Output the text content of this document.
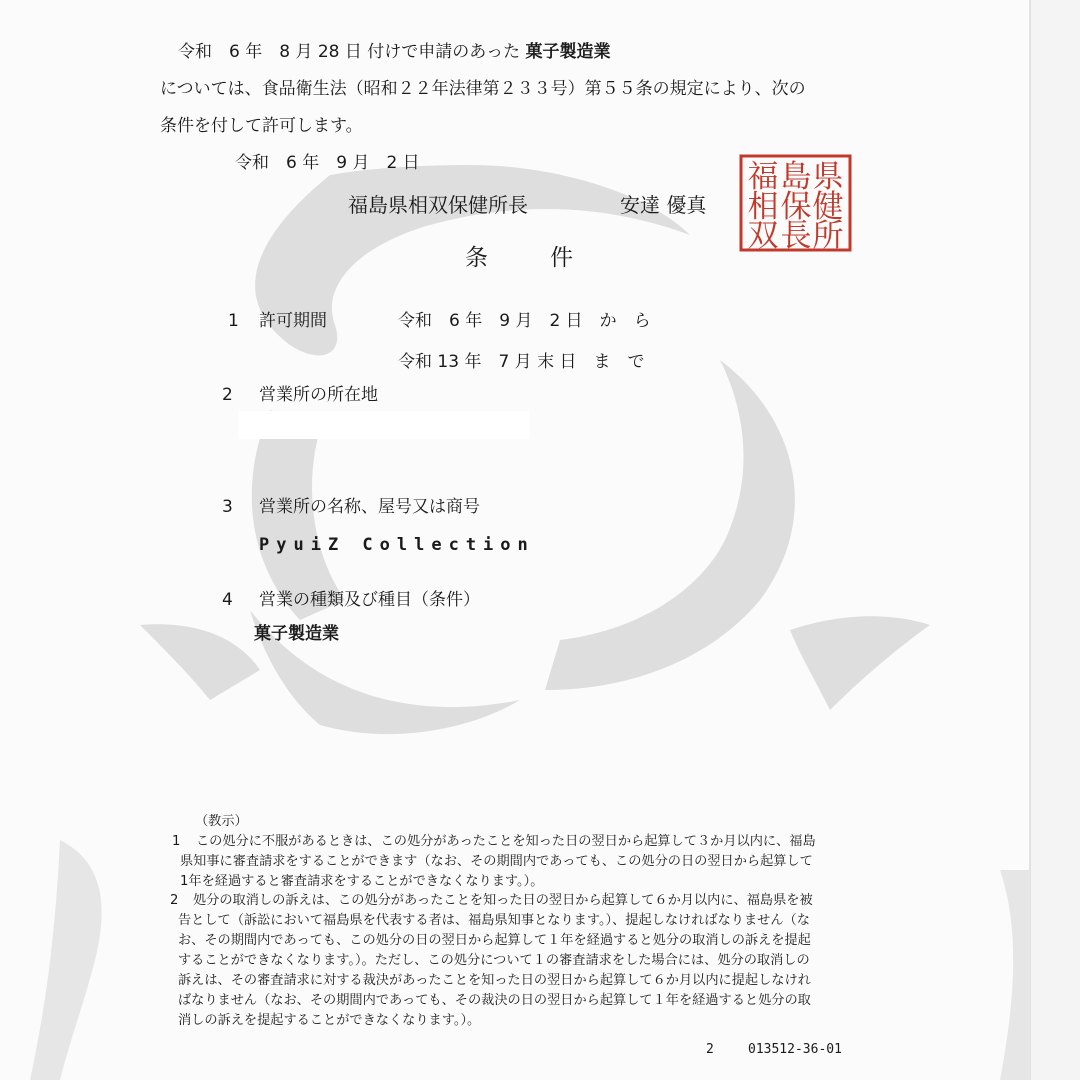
令和　6 年　8 月 28 日 付けで申請のあった 菓子製造業
については、食品衛生法（昭和２２年法律第２３３号）第５５条の規定により、次の
条件を付して許可します。
令和　6 年　9 月　2 日
福島県相双保健所長	安達 優真
県
健
所
島
保
長
福
相
双
条件
1 許可期間	令和　6 年　9 月　2 日　か　ら
令和 13 年　7 月 末 日　ま　で
2 営業所の所在地
3 営業所の名称、屋号又は商号
PyuiZ Collection
4 営業の種類及び種目（条件）
菓子製造業
（教示）
1 この処分に不服があるときは、この処分があったことを知った日の翌日から起算して３か月以内に、福島
県知事に審査請求をすることができます（なお、その期間内であっても、この処分の日の翌日から起算して
1年を経過すると審査請求をすることができなくなります。）。
2 処分の取消しの訴えは、この処分があったことを知った日の翌日から起算して６か月以内に、福島県を被
告として（訴訟において福島県を代表する者は、福島県知事となります。）、提起しなければなりません（な
お、その期間内であっても、この処分の日の翌日から起算して１年を経過すると処分の取消しの訴えを提起
することができなくなります。）。ただし、この処分について１の審査請求をした場合には、処分の取消しの
訴えは、その審査請求に対する裁決があったことを知った日の翌日から起算して６か月以内に提起しなけれ
ばなりません（なお、その期間内であっても、その裁決の日の翌日から起算して１年を経過すると処分の取
消しの訴えを提起することができなくなります。）。
2	013512-36-01
